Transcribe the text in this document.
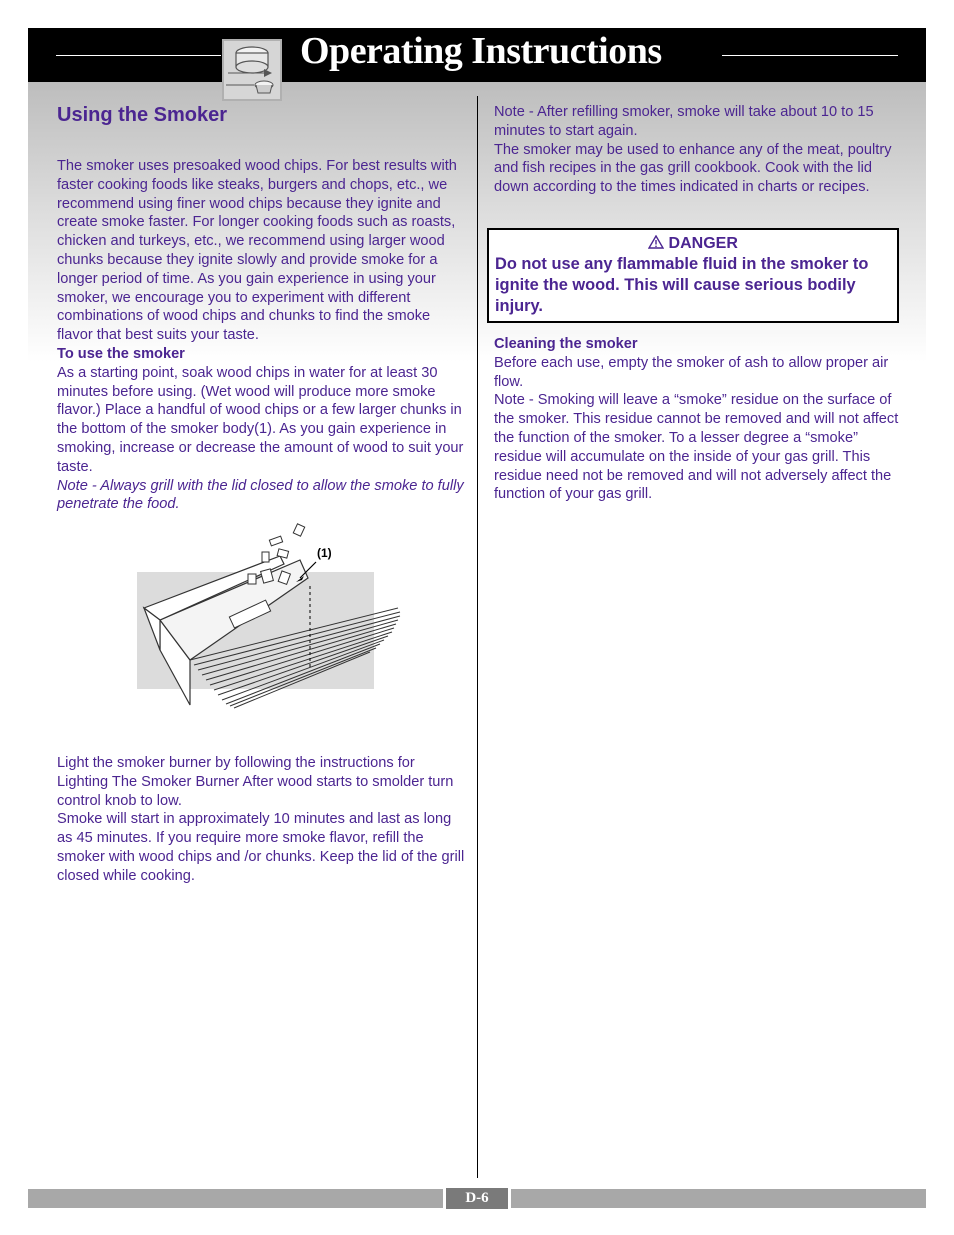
Operating Instructions
Using the Smoker

The smoker uses presoaked wood chips. For best results with faster cooking foods like steaks, burgers and chops, etc., we recommend using finer wood chips because they ignite and create smoke faster. For longer cooking foods such as roasts, chicken and turkeys, etc., we recommend using larger wood chunks because they ignite slowly and provide smoke for a longer period of time. As you gain experience in using your smoker, we encourage you to experiment with different combinations of wood chips and chunks to find the smoke flavor that best suits your taste.

To use the smoker

As a starting point, soak wood chips in water for at least 30 minutes before using. (Wet wood will produce more smoke flavor.) Place a handful of wood chips or a few larger chunks in the bottom of the smoker body(1). As you gain experience in smoking, increase or decrease the amount of wood to suit your taste.

Note - Always grill with the lid closed to allow the smoke to fully penetrate the food.

(1)

Light the smoker burner by following the instructions for Lighting The Smoker Burner After wood starts to smolder turn control knob to low.

Smoke will start in approximately 10 minutes and last as long as 45 minutes. If you require more smoke flavor, refill the smoker with wood chips and /or chunks. Keep the lid of the grill closed while cooking.

Note - After refilling smoker, smoke will take about 10 to 15 minutes to start again.

The smoker may be used to enhance any of the meat, poultry and fish recipes in the gas grill cookbook. Cook with the lid down according to the times indicated in charts or recipes.

DANGER
Do not use any flammable fluid in the smoker to ignite the wood. This will cause serious bodily injury.

Cleaning the smoker

Before each use, empty the smoker of ash to allow proper air flow.

Note - Smoking will leave a “smoke” residue on the surface of the smoker. This residue cannot be removed and will not affect the function of the smoker. To a lesser degree a “smoke” residue will accumulate on the inside of your gas grill. This residue need not be removed and will not adversely affect the function of your gas grill.

D-6
